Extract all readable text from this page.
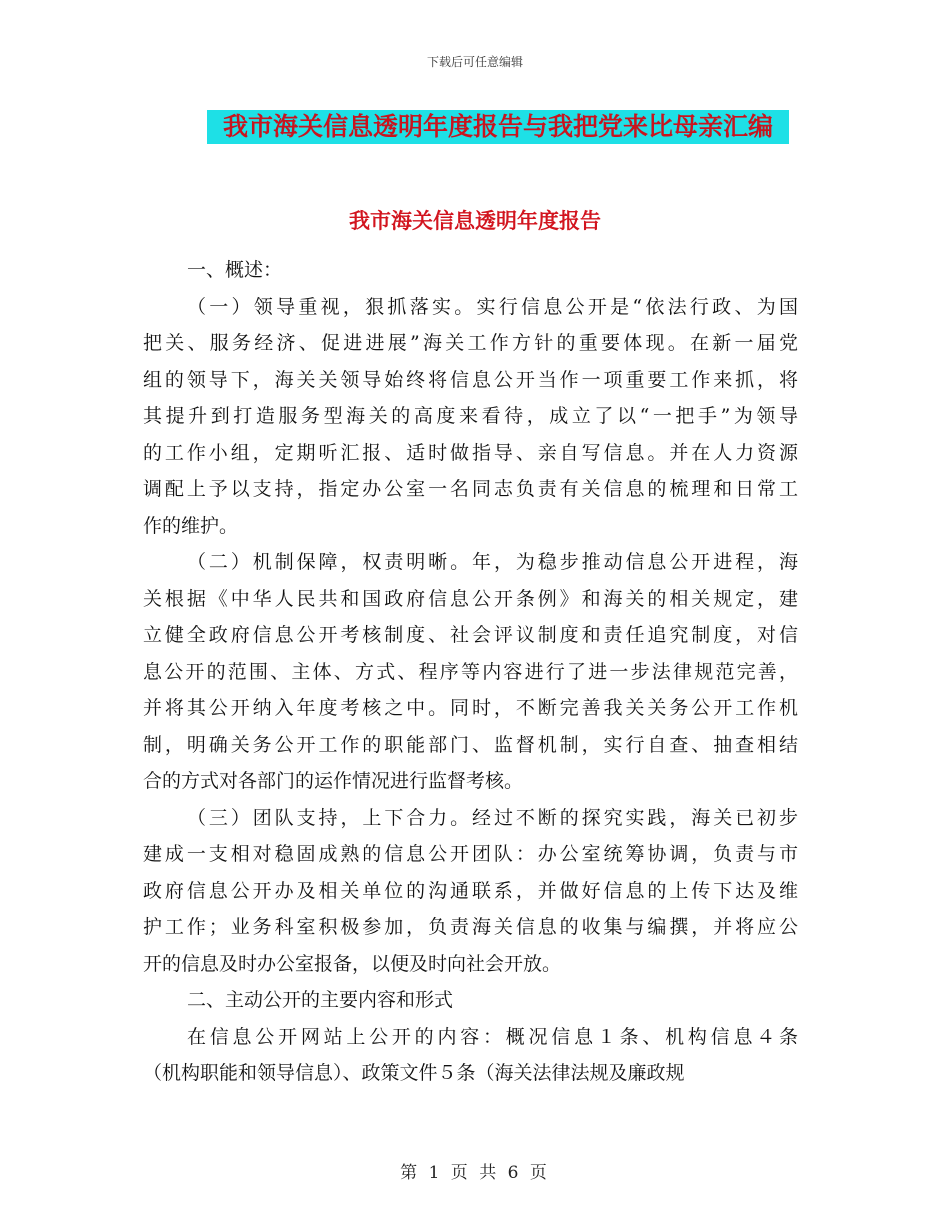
下载后可任意编辑
我市海关信息透明年度报告与我把党来比母亲汇编
我市海关信息透明年度报告
一、概述：
（一）领导重视，狠抓落实。实行信息公开是“依法行政、为国
把关、服务经济、促进进展”海关工作方针的重要体现。在新一届党
组的领导下，海关关领导始终将信息公开当作一项重要工作来抓，将
其提升到打造服务型海关的高度来看待，成立了以“一把手”为领导
的工作小组，定期听汇报、适时做指导、亲自写信息。并在人力资源
调配上予以支持，指定办公室一名同志负责有关信息的梳理和日常工
作的维护。
（二）机制保障，权责明晰。年，为稳步推动信息公开进程，海
关根据《中华人民共和国政府信息公开条例》和海关的相关规定，建
立健全政府信息公开考核制度、社会评议制度和责任追究制度，对信
息公开的范围、主体、方式、程序等内容进行了进一步法律规范完善，
并将其公开纳入年度考核之中。同时，不断完善我关关务公开工作机
制，明确关务公开工作的职能部门、监督机制，实行自查、抽查相结
合的方式对各部门的运作情况进行监督考核。
（三）团队支持，上下合力。经过不断的探究实践，海关已初步
建成一支相对稳固成熟的信息公开团队：办公室统筹协调，负责与市
政府信息公开办及相关单位的沟通联系，并做好信息的上传下达及维
护工作；业务科室积极参加，负责海关信息的收集与编撰，并将应公
开的信息及时办公室报备，以便及时向社会开放。
二、主动公开的主要内容和形式
在信息公开网站上公开的内容：概况信息１条、机构信息４条
（机构职能和领导信息）、政策文件５条（海关法律法规及廉政规
第 1 页 共 6 页
